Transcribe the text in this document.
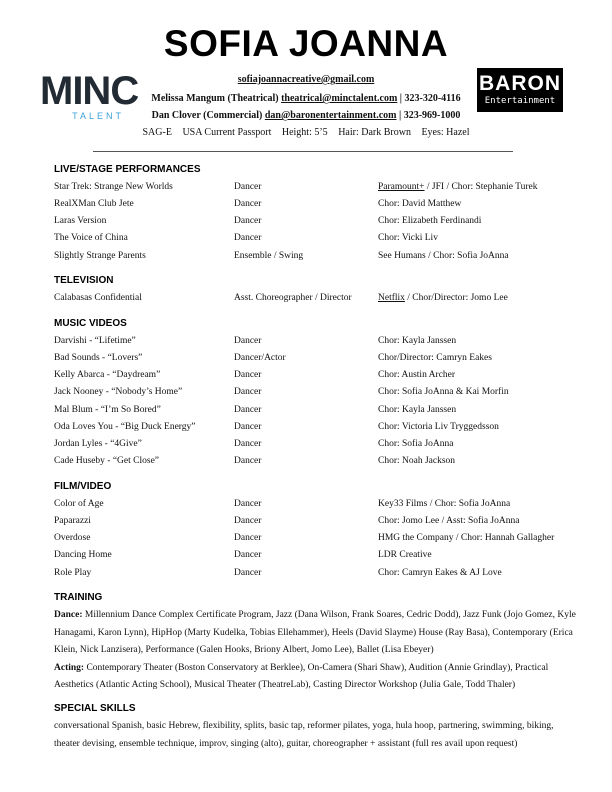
SOFIA JOANNA
MINC
TALENT
BARON
Entertainment
sofiajoannacreative@gmail.com
Melissa Mangum (Theatrical) theatrical@minctalent.com | 323-320-4116
Dan Clover (Commercial) dan@baronentertainment.com | 323-969-1000
SAG-E USA Current Passport Height: 5’5 Hair: Dark Brown Eyes: Hazel
LIVE/STAGE PERFORMANCES
Star Trek: Strange New Worlds	Dancer	Paramount+ / JFI / Chor: Stephanie Turek
RealXMan Club Jete	Dancer	Chor: David Matthew
Laras Version	Dancer	Chor: Elizabeth Ferdinandi
The Voice of China	Dancer	Chor: Vicki Liv
Slightly Strange Parents	Ensemble / Swing	See Humans / Chor: Sofia JoAnna
TELEVISION
Calabasas Confidential	Asst. Choreographer / Director	Netflix / Chor/Director: Jomo Lee
MUSIC VIDEOS
Darvishi - “Lifetime”	Dancer	Chor: Kayla Janssen
Bad Sounds - “Lovers”	Dancer/Actor	Chor/Director: Camryn Eakes
Kelly Abarca - “Daydream”	Dancer	Chor: Austin Archer
Jack Nooney - “Nobody’s Home”	Dancer	Chor: Sofia JoAnna & Kai Morfin
Mal Blum - “I’m So Bored”	Dancer	Chor: Kayla Janssen
Oda Loves You - “Big Duck Energy”	Dancer	Chor: Victoria Liv Tryggedsson
Jordan Lyles - “4Give”	Dancer	Chor: Sofia JoAnna
Cade Huseby - “Get Close”	Dancer	Chor: Noah Jackson
FILM/VIDEO
Color of Age	Dancer	Key33 Films / Chor: Sofia JoAnna
Paparazzi	Dancer	Chor: Jomo Lee / Asst: Sofia JoAnna
Overdose	Dancer	HMG the Company / Chor: Hannah Gallagher
Dancing Home	Dancer	LDR Creative
Role Play	Dancer	Chor: Camryn Eakes & AJ Love
TRAINING
Dance: Millennium Dance Complex Certificate Program, Jazz (Dana Wilson, Frank Soares, Cedric Dodd), Jazz Funk (Jojo Gomez, Kyle Hanagami, Karon Lynn), HipHop (Marty Kudelka, Tobias Ellehammer), Heels (David Slayme) House (Ray Basa), Contemporary (Erica Klein, Nick Lanzisera), Performance (Galen Hooks, Briony Albert, Jomo Lee), Ballet (Lisa Ebeyer)
Acting: Contemporary Theater (Boston Conservatory at Berklee), On-Camera (Shari Shaw), Audition (Annie Grindlay), Practical Aesthetics (Atlantic Acting School), Musical Theater (TheatreLab), Casting Director Workshop (Julia Gale, Todd Thaler)
SPECIAL SKILLS
conversational Spanish, basic Hebrew, flexibility, splits, basic tap, reformer pilates, yoga, hula hoop, partnering, swimming, biking, theater devising, ensemble technique, improv, singing (alto), guitar, choreographer + assistant (full res avail upon request)
